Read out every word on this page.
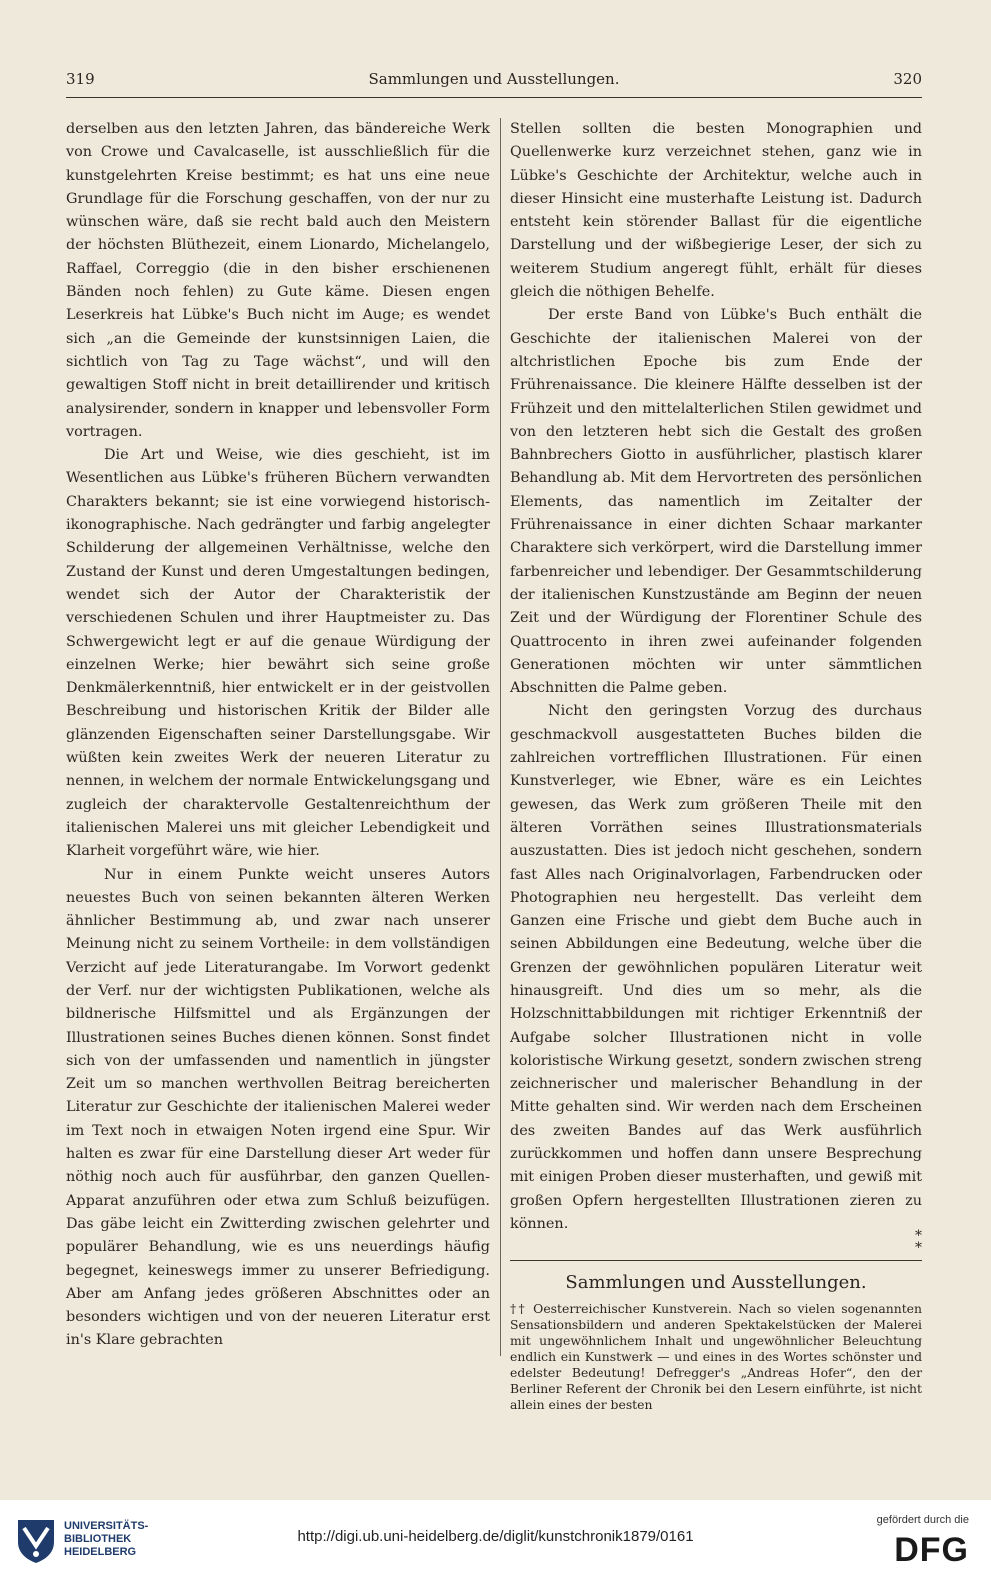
319	Sammlungen und Ausstellungen.	320

derselben aus den letzten Jahren, das bändereiche Werk von Crowe und Cavalcaselle, ist ausschließlich für die kunstgelehrten Kreise bestimmt; es hat uns eine neue Grundlage für die Forschung geschaffen, von der nur zu wünschen wäre, daß sie recht bald auch den Meistern der höchsten Blüthezeit, einem Lionardo, Michelangelo, Raffael, Correggio (die in den bisher erschienenen Bänden noch fehlen) zu Gute käme. Diesen engen Leserkreis hat Lübke's Buch nicht im Auge; es wendet sich „an die Gemeinde der kunstsinnigen Laien, die sichtlich von Tag zu Tage wächst“, und will den gewaltigen Stoff nicht in breit detaillirender und kritisch analysirender, sondern in knapper und lebensvoller Form vortragen.

Die Art und Weise, wie dies geschieht, ist im Wesentlichen aus Lübke's früheren Büchern verwandten Charakters bekannt; sie ist eine vorwiegend historisch-ikonographische. Nach gedrängter und farbig angelegter Schilderung der allgemeinen Verhältnisse, welche den Zustand der Kunst und deren Umgestaltungen bedingen, wendet sich der Autor der Charakteristik der verschiedenen Schulen und ihrer Hauptmeister zu. Das Schwergewicht legt er auf die genaue Würdigung der einzelnen Werke; hier bewährt sich seine große Denkmälerkenntniß, hier entwickelt er in der geistvollen Beschreibung und historischen Kritik der Bilder alle glänzenden Eigenschaften seiner Darstellungsgabe. Wir wüßten kein zweites Werk der neueren Literatur zu nennen, in welchem der normale Entwickelungsgang und zugleich der charaktervolle Gestaltenreichthum der italienischen Malerei uns mit gleicher Lebendigkeit und Klarheit vorgeführt wäre, wie hier.

Nur in einem Punkte weicht unseres Autors neuestes Buch von seinen bekannten älteren Werken ähnlicher Bestimmung ab, und zwar nach unserer Meinung nicht zu seinem Vortheile: in dem vollständigen Verzicht auf jede Literaturangabe. Im Vorwort gedenkt der Verf. nur der wichtigsten Publikationen, welche als bildnerische Hilfsmittel und als Ergänzungen der Illustrationen seines Buches dienen können. Sonst findet sich von der umfassenden und namentlich in jüngster Zeit um so manchen werthvollen Beitrag bereicherten Literatur zur Geschichte der italienischen Malerei weder im Text noch in etwaigen Noten irgend eine Spur. Wir halten es zwar für eine Darstellung dieser Art weder für nöthig noch auch für ausführbar, den ganzen Quellen-Apparat anzuführen oder etwa zum Schluß beizufügen. Das gäbe leicht ein Zwitterding zwischen gelehrter und populärer Behandlung, wie es uns neuerdings häufig begegnet, keineswegs immer zu unserer Befriedigung. Aber am Anfang jedes größeren Abschnittes oder an besonders wichtigen und von der neueren Literatur erst in's Klare gebrachten

Stellen sollten die besten Monographien und Quellenwerke kurz verzeichnet stehen, ganz wie in Lübke's Geschichte der Architektur, welche auch in dieser Hinsicht eine musterhafte Leistung ist. Dadurch entsteht kein störender Ballast für die eigentliche Darstellung und der wißbegierige Leser, der sich zu weiterem Studium angeregt fühlt, erhält für dieses gleich die nöthigen Behelfe.

Der erste Band von Lübke's Buch enthält die Geschichte der italienischen Malerei von der altchristlichen Epoche bis zum Ende der Frührenaissance. Die kleinere Hälfte desselben ist der Frühzeit und den mittelalterlichen Stilen gewidmet und von den letzteren hebt sich die Gestalt des großen Bahnbrechers Giotto in ausführlicher, plastisch klarer Behandlung ab. Mit dem Hervortreten des persönlichen Elements, das namentlich im Zeitalter der Frührenaissance in einer dichten Schaar markanter Charaktere sich verkörpert, wird die Darstellung immer farbenreicher und lebendiger. Der Gesammtschilderung der italienischen Kunstzustände am Beginn der neuen Zeit und der Würdigung der Florentiner Schule des Quattrocento in ihren zwei aufeinander folgenden Generationen möchten wir unter sämmtlichen Abschnitten die Palme geben.

Nicht den geringsten Vorzug des durchaus geschmackvoll ausgestatteten Buches bilden die zahlreichen vortrefflichen Illustrationen. Für einen Kunstverleger, wie Ebner, wäre es ein Leichtes gewesen, das Werk zum größeren Theile mit den älteren Vorräthen seines Illustrationsmaterials auszustatten. Dies ist jedoch nicht geschehen, sondern fast Alles nach Originalvorlagen, Farbendrucken oder Photographien neu hergestellt. Das verleiht dem Ganzen eine Frische und giebt dem Buche auch in seinen Abbildungen eine Bedeutung, welche über die Grenzen der gewöhnlichen populären Literatur weit hinausgreift. Und dies um so mehr, als die Holzschnittabbildungen mit richtiger Erkenntniß der Aufgabe solcher Illustrationen nicht in volle koloristische Wirkung gesetzt, sondern zwischen streng zeichnerischer und malerischer Behandlung in der Mitte gehalten sind. Wir werden nach dem Erscheinen des zweiten Bandes auf das Werk ausführlich zurückkommen und hoffen dann unsere Besprechung mit einigen Proben dieser musterhaften, und gewiß mit großen Opfern hergestellten Illustrationen zieren zu können.

*
*
Sammlungen und Ausstellungen.

†† Oesterreichischer Kunstverein. Nach so vielen sogenannten Sensationsbildern und anderen Spektakelstücken der Malerei mit ungewöhnlichem Inhalt und ungewöhnlicher Beleuchtung endlich ein Kunstwerk — und eines in des Wortes schönster und edelster Bedeutung! Defregger's „Andreas Hofer“, den der Berliner Referent der Chronik bei den Lesern einführte, ist nicht allein eines der besten

UNIVERSITÄTS-
BIBLIOTHEK
HEIDELBERG
http://digi.ub.uni-heidelberg.de/diglit/kunstchronik1879/0161
gefördert durch die
DFG
